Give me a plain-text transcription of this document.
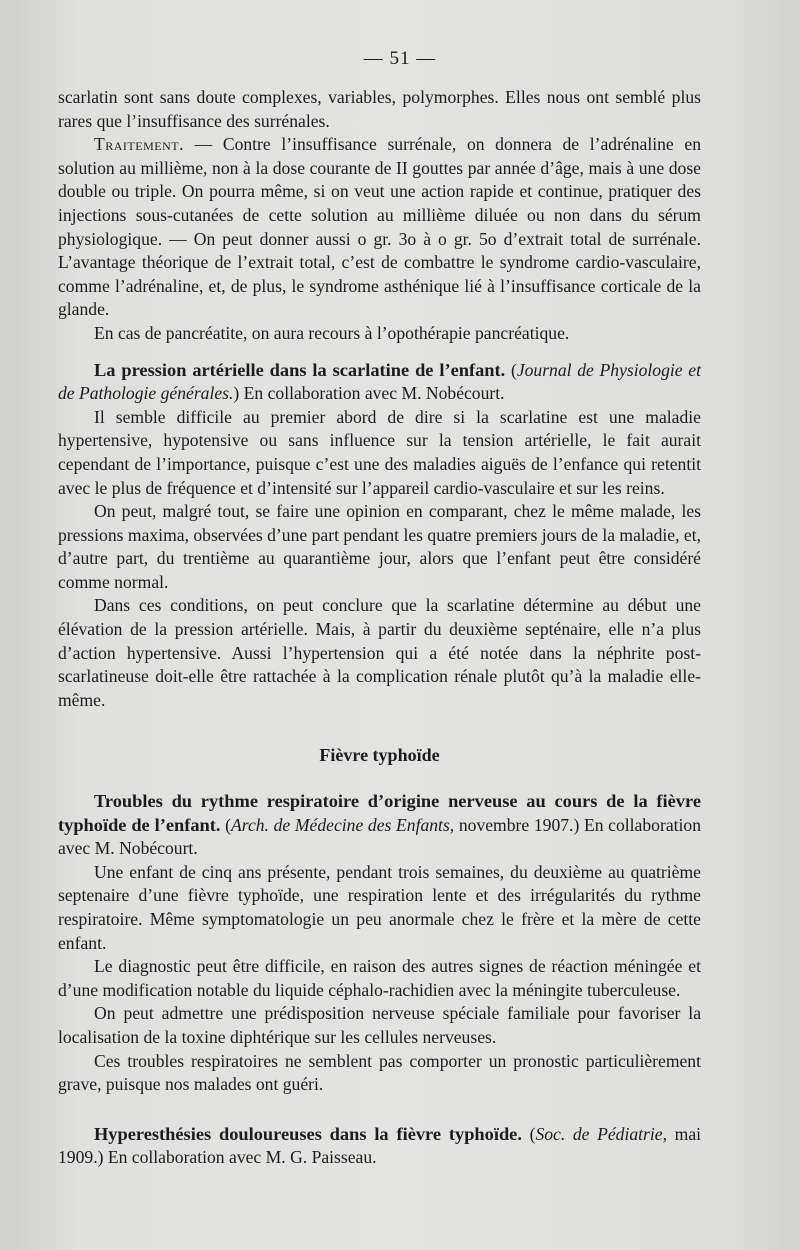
— 51 —

scarlatin sont sans doute complexes, variables, polymorphes. Elles nous ont semblé plus rares que l’insuffisance des surrénales.

Traitement. — Contre l’insuffisance surrénale, on donnera de l’adrénaline en solution au millième, non à la dose courante de II gouttes par année d’âge, mais à une dose double ou triple. On pourra même, si on veut une action rapide et continue, pratiquer des injections sous-cutanées de cette solution au millième diluée ou non dans du sérum physiologique. — On peut donner aussi o gr. 3o à o gr. 5o d’extrait total de surrénale. L’avantage théorique de l’extrait total, c’est de combattre le syndrome cardio-vasculaire, comme l’adrénaline, et, de plus, le syndrome asthénique lié à l’insuffisance corticale de la glande.

En cas de pancréatite, on aura recours à l’opothérapie pancréatique.

La pression artérielle dans la scarlatine de l’enfant. (Journal de Physiologie et de Pathologie générales.) En collaboration avec M. Nobécourt.

Il semble difficile au premier abord de dire si la scarlatine est une maladie hypertensive, hypotensive ou sans influence sur la tension artérielle, le fait aurait cependant de l’importance, puisque c’est une des maladies aiguës de l’enfance qui retentit avec le plus de fréquence et d’intensité sur l’appareil cardio-vasculaire et sur les reins.

On peut, malgré tout, se faire une opinion en comparant, chez le même malade, les pressions maxima, observées d’une part pendant les quatre premiers jours de la maladie, et, d’autre part, du trentième au quarantième jour, alors que l’enfant peut être considéré comme normal.

Dans ces conditions, on peut conclure que la scarlatine détermine au début une élévation de la pression artérielle. Mais, à partir du deuxième septénaire, elle n’a plus d’action hypertensive. Aussi l’hypertension qui a été notée dans la néphrite post-scarlatineuse doit-elle être rattachée à la complication rénale plutôt qu’à la maladie elle-même.

Fièvre typhoïde

Troubles du rythme respiratoire d’origine nerveuse au cours de la fièvre typhoïde de l’enfant. (Arch. de Médecine des Enfants, novembre 1907.) En collaboration avec M. Nobécourt.

Une enfant de cinq ans présente, pendant trois semaines, du deuxième au quatrième septenaire d’une fièvre typhoïde, une respiration lente et des irrégularités du rythme respiratoire. Même symptomatologie un peu anormale chez le frère et la mère de cette enfant.

Le diagnostic peut être difficile, en raison des autres signes de réaction méningée et d’une modification notable du liquide céphalo-rachidien avec la méningite tuberculeuse.

On peut admettre une prédisposition nerveuse spéciale familiale pour favoriser la localisation de la toxine diphtérique sur les cellules nerveuses.

Ces troubles respiratoires ne semblent pas comporter un pronostic particulièrement grave, puisque nos malades ont guéri.

Hyperesthésies douloureuses dans la fièvre typhoïde. (Soc. de Pédiatrie, mai 1909.) En collaboration avec M. G. Paisseau.
